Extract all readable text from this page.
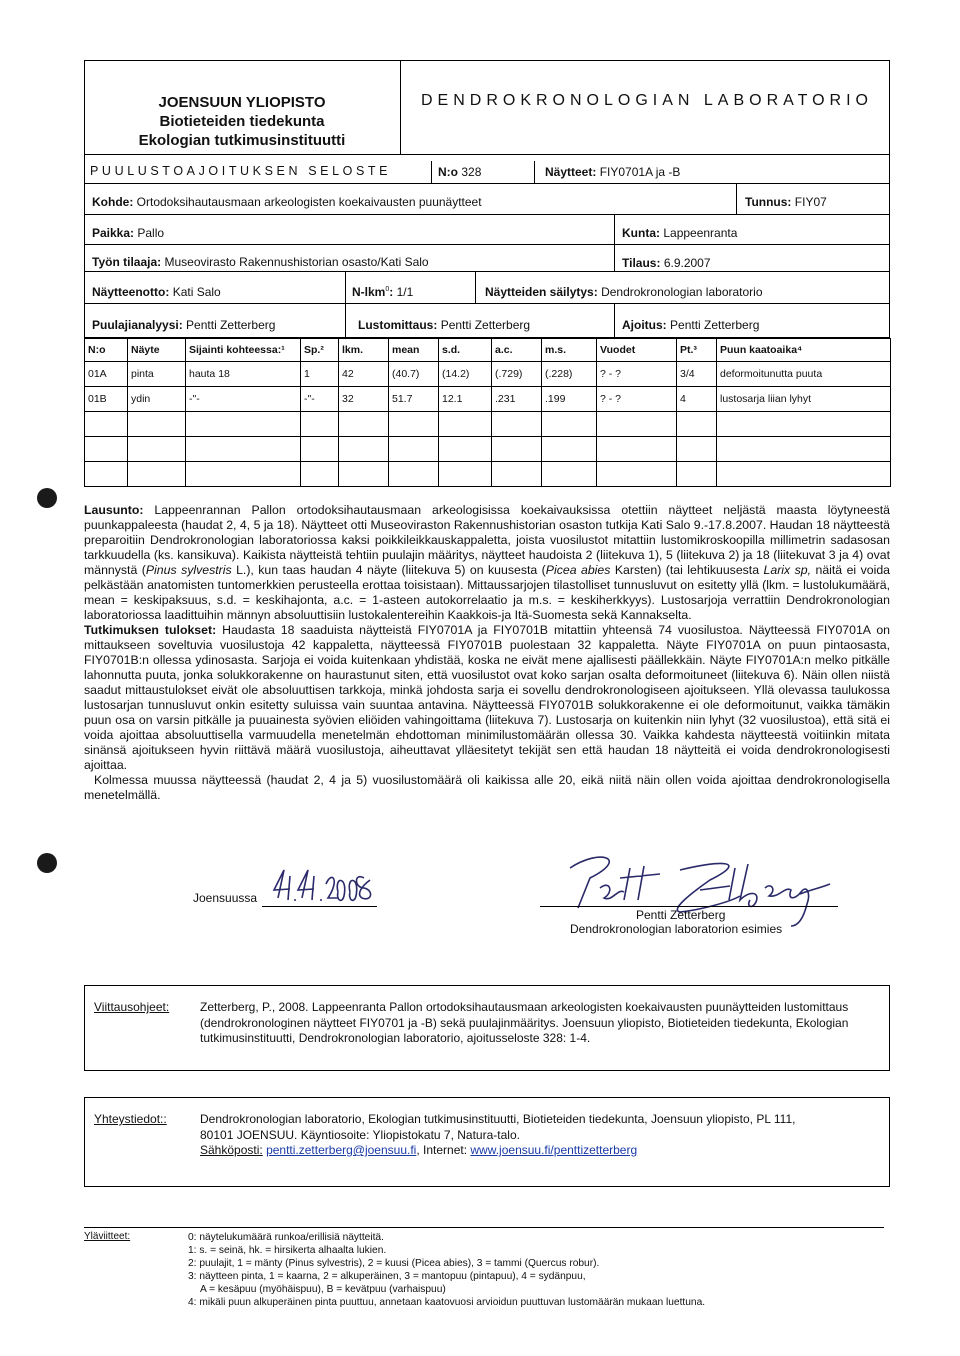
JOENSUUN YLIOPISTO
Biotieteiden tiedekunta
Ekologian tutkimusinstituutti
DENDROKRONOLOGIAN LABORATORIO
PUULUSTOAJOITUKSEN SELOSTE	N:o 328	Näytteet: FIY0701A ja -B
Kohde: Ortodoksihautausmaan arkeologisten koekaivausten puunäytteet	Tunnus: FIY07
Paikka: Pallo	Kunta: Lappeenranta
Työn tilaaja: Museovirasto Rakennushistorian osasto/Kati Salo	Tilaus: 6.9.2007
Näytteenotto: Kati Salo	N-lkm$^0$: 1/1	Näytteiden säilytys: Dendrokronologian laboratorio
Puulajianalyysi: Pentti Zetterberg	Lustomittaus: Pentti Zetterberg	Ajoitus: Pentti Zetterberg
N:o	Näyte	Sijainti kohteessa:¹	Sp.²	lkm.	mean	s.d.	a.c.	m.s.	Vuodet	Pt.³	Puun kaatoaika⁴
01A	pinta	hauta 18	1	42	(40.7)	(14.2)	(.729)	(.228)	? - ?	3/4	deformoitunutta puuta
01B	ydin	-"-	-"-	32	51.7	12.1	.231	.199	? - ?	4	lustosarja liian lyhyt

Lausunto: Lappeenrannan Pallon ortodoksihautausmaan arkeologisissa koekaivauksissa otettiin näytteet neljästä maasta löytyneestä puunkappaleesta (haudat 2, 4, 5 ja 18). Näytteet otti Museoviraston Rakennushistorian osaston tutkija Kati Salo 9.-17.8.2007. Haudan 18 näytteestä preparoitiin Dendrokronologian laboratoriossa kaksi poikkileikkauskappaletta, joista vuosilustot mitattiin lustomikroskoopilla millimetrin sadasosan tarkkuudella (ks. kansikuva). Kaikista näytteistä tehtiin puulajin määritys, näytteet haudoista 2 (liitekuva 1), 5 (liitekuva 2) ja 18 (liitekuvat 3 ja 4) ovat männystä (Pinus sylvestris L.), kun taas haudan 4 näyte (liitekuva 5) on kuusesta (Picea abies Karsten) (tai lehtikuusesta Larix sp, näitä ei voida pelkästään anatomisten tuntomerkkien perusteella erottaa toisistaan). Mittaussarjojen tilastolliset tunnusluvut on esitetty yllä (lkm. = lustolukumäärä, mean = keskipaksuus, s.d. = keskihajonta, a.c. = 1-asteen autokorrelaatio ja m.s. = keskiherkkyys). Lustosarjoja verrattiin Dendrokronologian laboratoriossa laadittuihin männyn absoluuttisiin lustokalentereihin Kaakkois-ja Itä-Suomesta sekä Kannakselta.

Tutkimuksen tulokset: Haudasta 18 saaduista näytteistä FIY0701A ja FIY0701B mitattiin yhteensä 74 vuosilustoa. Näytteessä FIY0701A on mittaukseen soveltuvia vuosilustoja 42 kappaletta, näytteessä FIY0701B puolestaan 32 kappaletta. Näyte FIY0701A on puun pintaosasta, FIY0701B:n ollessa ydinosasta. Sarjoja ei voida kuitenkaan yhdistää, koska ne eivät mene ajallisesti päällekkäin. Näyte FIY0701A:n melko pitkälle lahonnutta puuta, jonka solukkorakenne on haurastunut siten, että vuosilustot ovat koko sarjan osalta deformoituneet (liitekuva 6). Näin ollen niistä saadut mittaustulokset eivät ole absoluuttisen tarkkoja, minkä johdosta sarja ei sovellu dendrokronologiseen ajoitukseen. Yllä olevassa taulukossa lustosarjan tunnusluvut onkin esitetty suluissa vain suuntaa antavina. Näytteessä FIY0701B solukkorakenne ei ole deformoitunut, vaikka tämäkin puun osa on varsin pitkälle ja puuainesta syövien eliöiden vahingoittama (liitekuva 7). Lustosarja on kuitenkin niin lyhyt (32 vuosilustoa), että sitä ei voida ajoittaa absoluuttisella varmuudella menetelmän ehdottoman minimilustomäärän ollessa 30. Vaikka kahdesta näytteestä voitiinkin mitata sinänsä ajoitukseen hyvin riittävä määrä vuosilustoja, aiheuttavat ylläesitetyt tekijät sen että haudan 18 näytteitä ei voida dendrokronologisesti ajoittaa.

Kolmessa muussa näytteessä (haudat 2, 4 ja 5) vuosilustomäärä oli kaikissa alle 20, eikä niitä näin ollen voida ajoittaa dendrokronologisella menetelmällä.

Joensuussa
Pentti Zetterberg
Dendrokronologian laboratorion esimies
Viittausohjeet:	Zetterberg, P., 2008. Lappeenranta Pallon ortodoksihautausmaan arkeologisten koekaivausten puunäytteiden lustomittaus (dendrokronologinen näytteet FIY0701 ja -B) sekä puulajinmääritys. Joensuun yliopisto, Biotieteiden tiedekunta, Ekologian tutkimusinstituutti, Dendrokronologian laboratorio, ajoitusseloste 328: 1-4.
Yhteystiedot::	Dendrokronologian laboratorio, Ekologian tutkimusinstituutti, Biotieteiden tiedekunta, Joensuun yliopisto, PL 111,
80101 JOENSUU. Käyntiosoite: Yliopistokatu 7, Natura-talo.
Sähköposti: pentti.zetterberg@joensuu.fi, Internet: www.joensuu.fi/penttizetterberg
Yläviitteet:	0: näytelukumäärä runkoa/erillisiä näytteitä.
1: s. = seinä, hk. = hirsikerta alhaalta lukien.
2: puulajit, 1 = mänty (Pinus sylvestris), 2 = kuusi (Picea abies), 3 = tammi (Quercus robur).
3: näytteen pinta, 1 = kaarna, 2 = alkuperäinen, 3 = mantopuu (pintapuu), 4 = sydänpuu,
A = kesäpuu (myöhäispuu), B = kevätpuu (varhaispuu)
4: mikäli puun alkuperäinen pinta puuttuu, annetaan kaatovuosi arvioidun puuttuvan lustomäärän mukaan luettuna.
